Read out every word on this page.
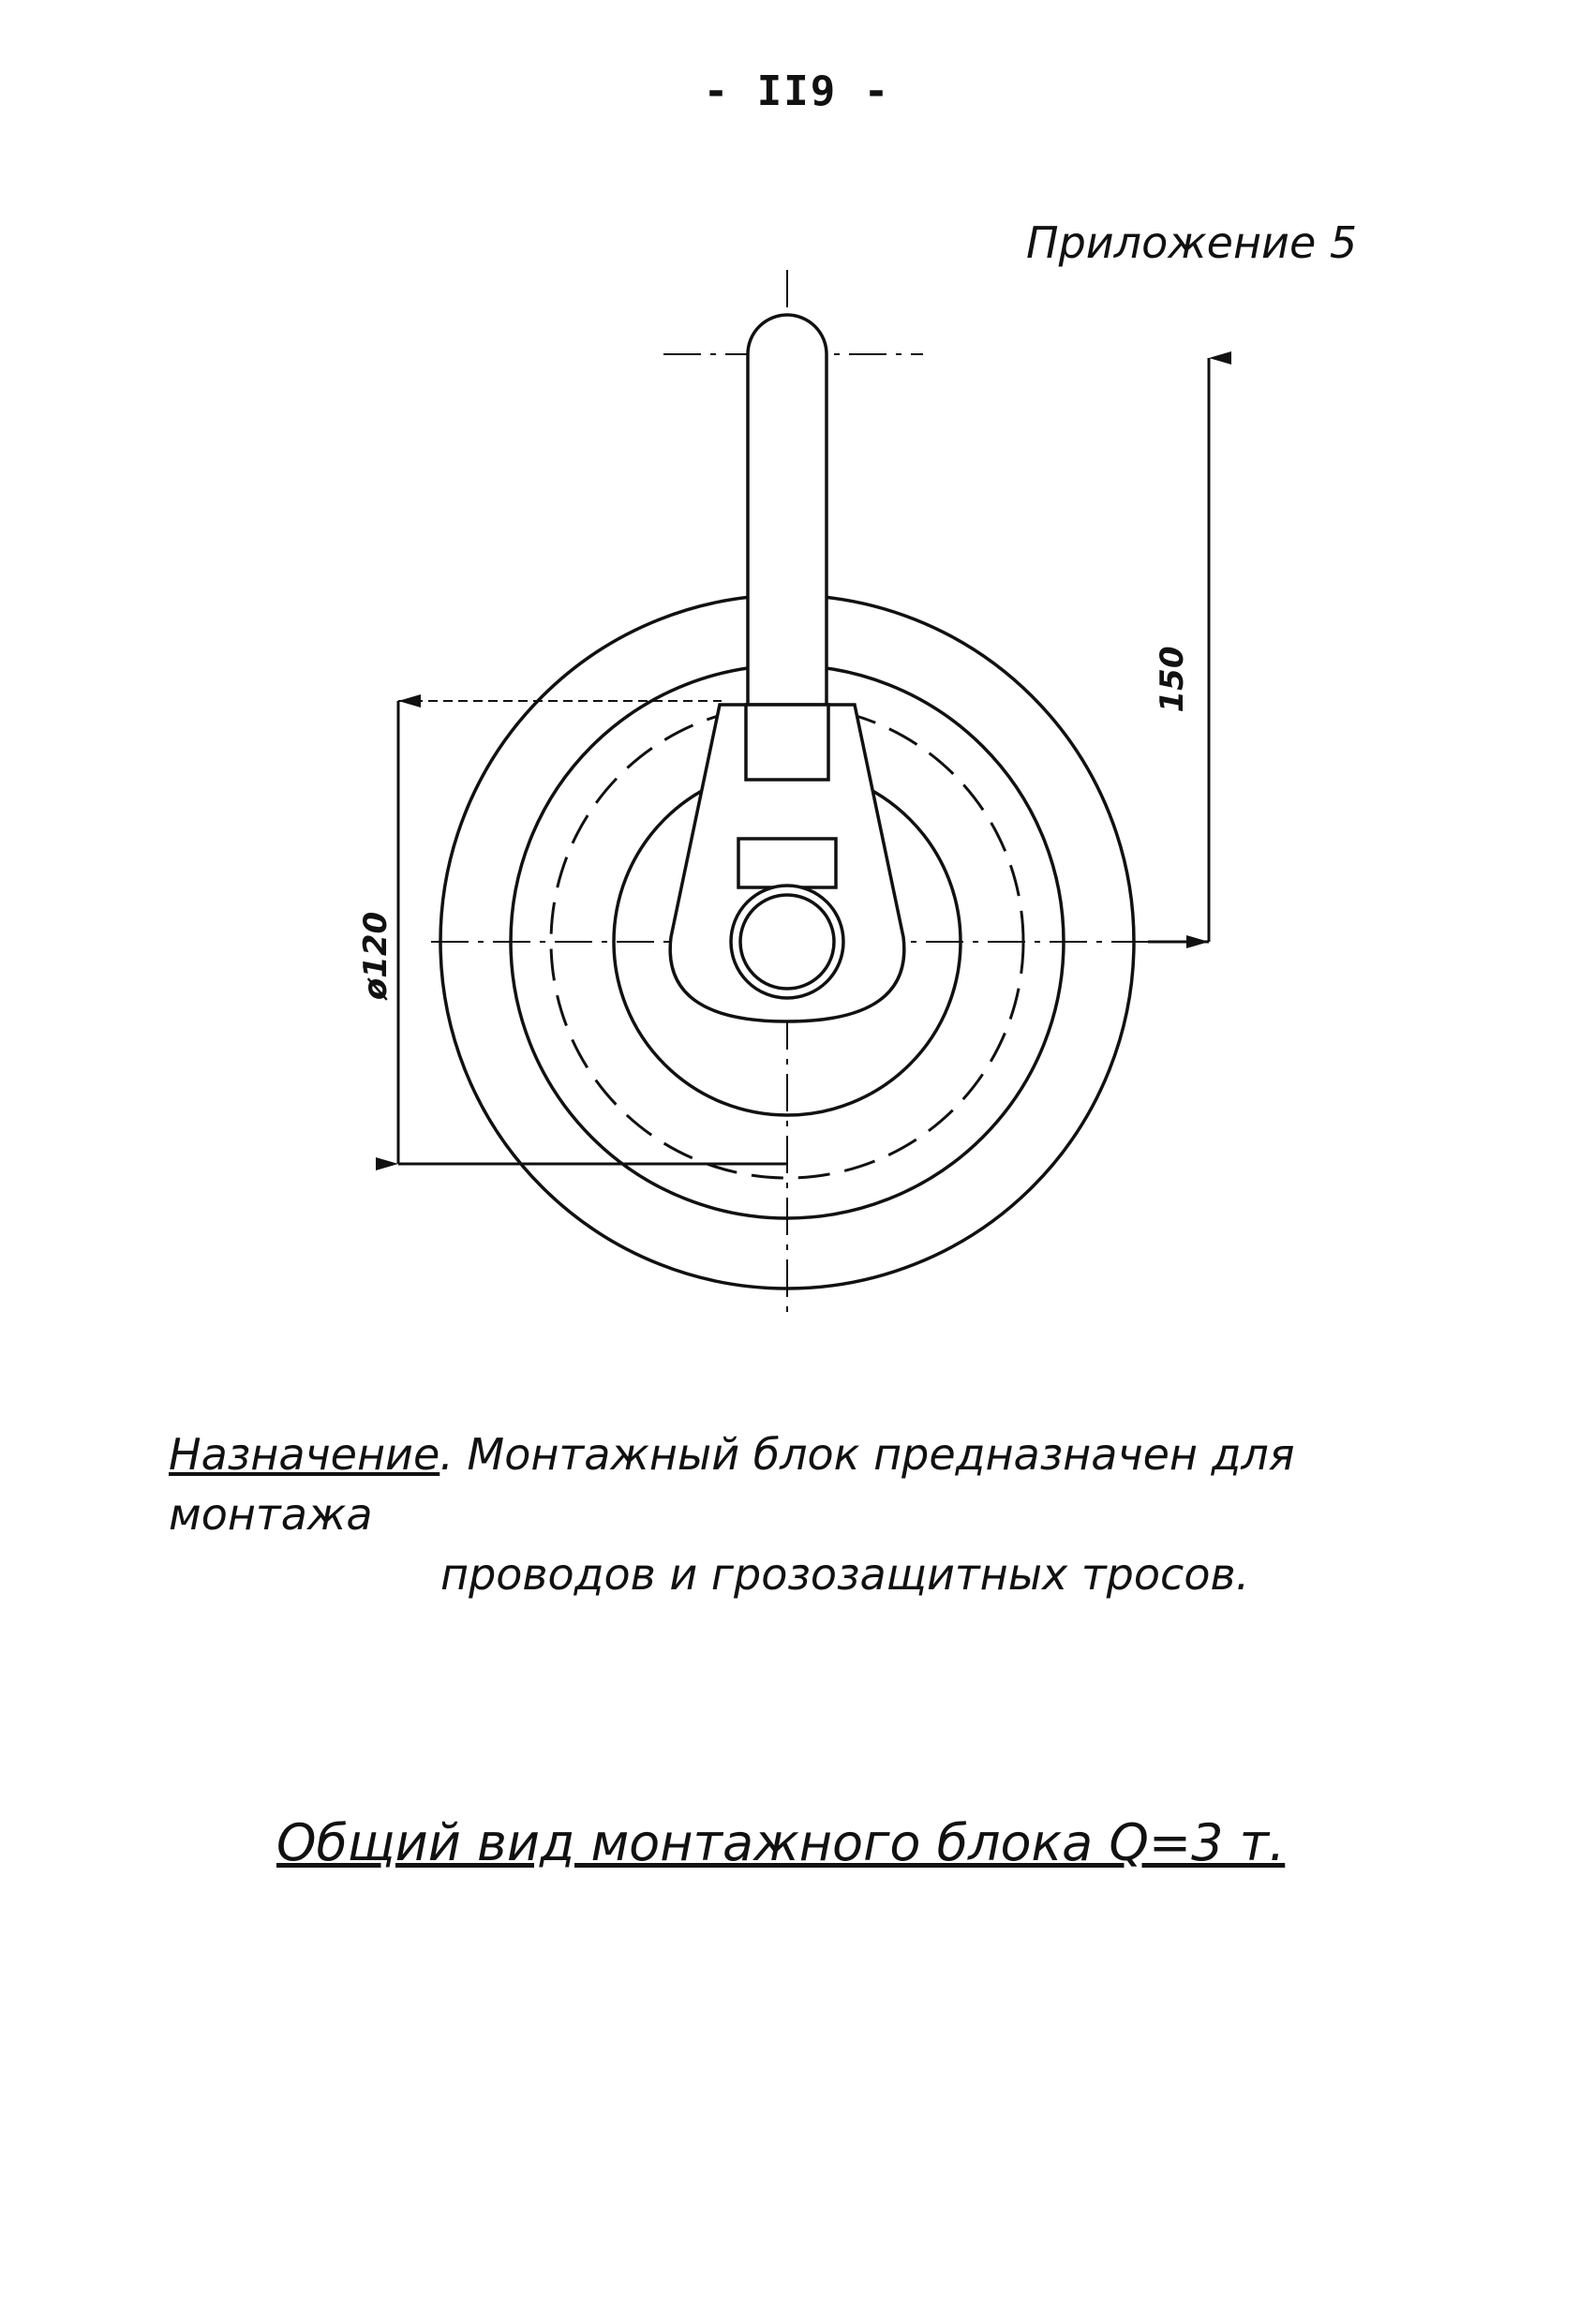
- II9 -
Приложение 5
150
ø120
Назначение. Монтажный блок предназначен для монтажа
проводов и грозозащитных тросов.
Общий вид монтажного блока Q=3 т.
